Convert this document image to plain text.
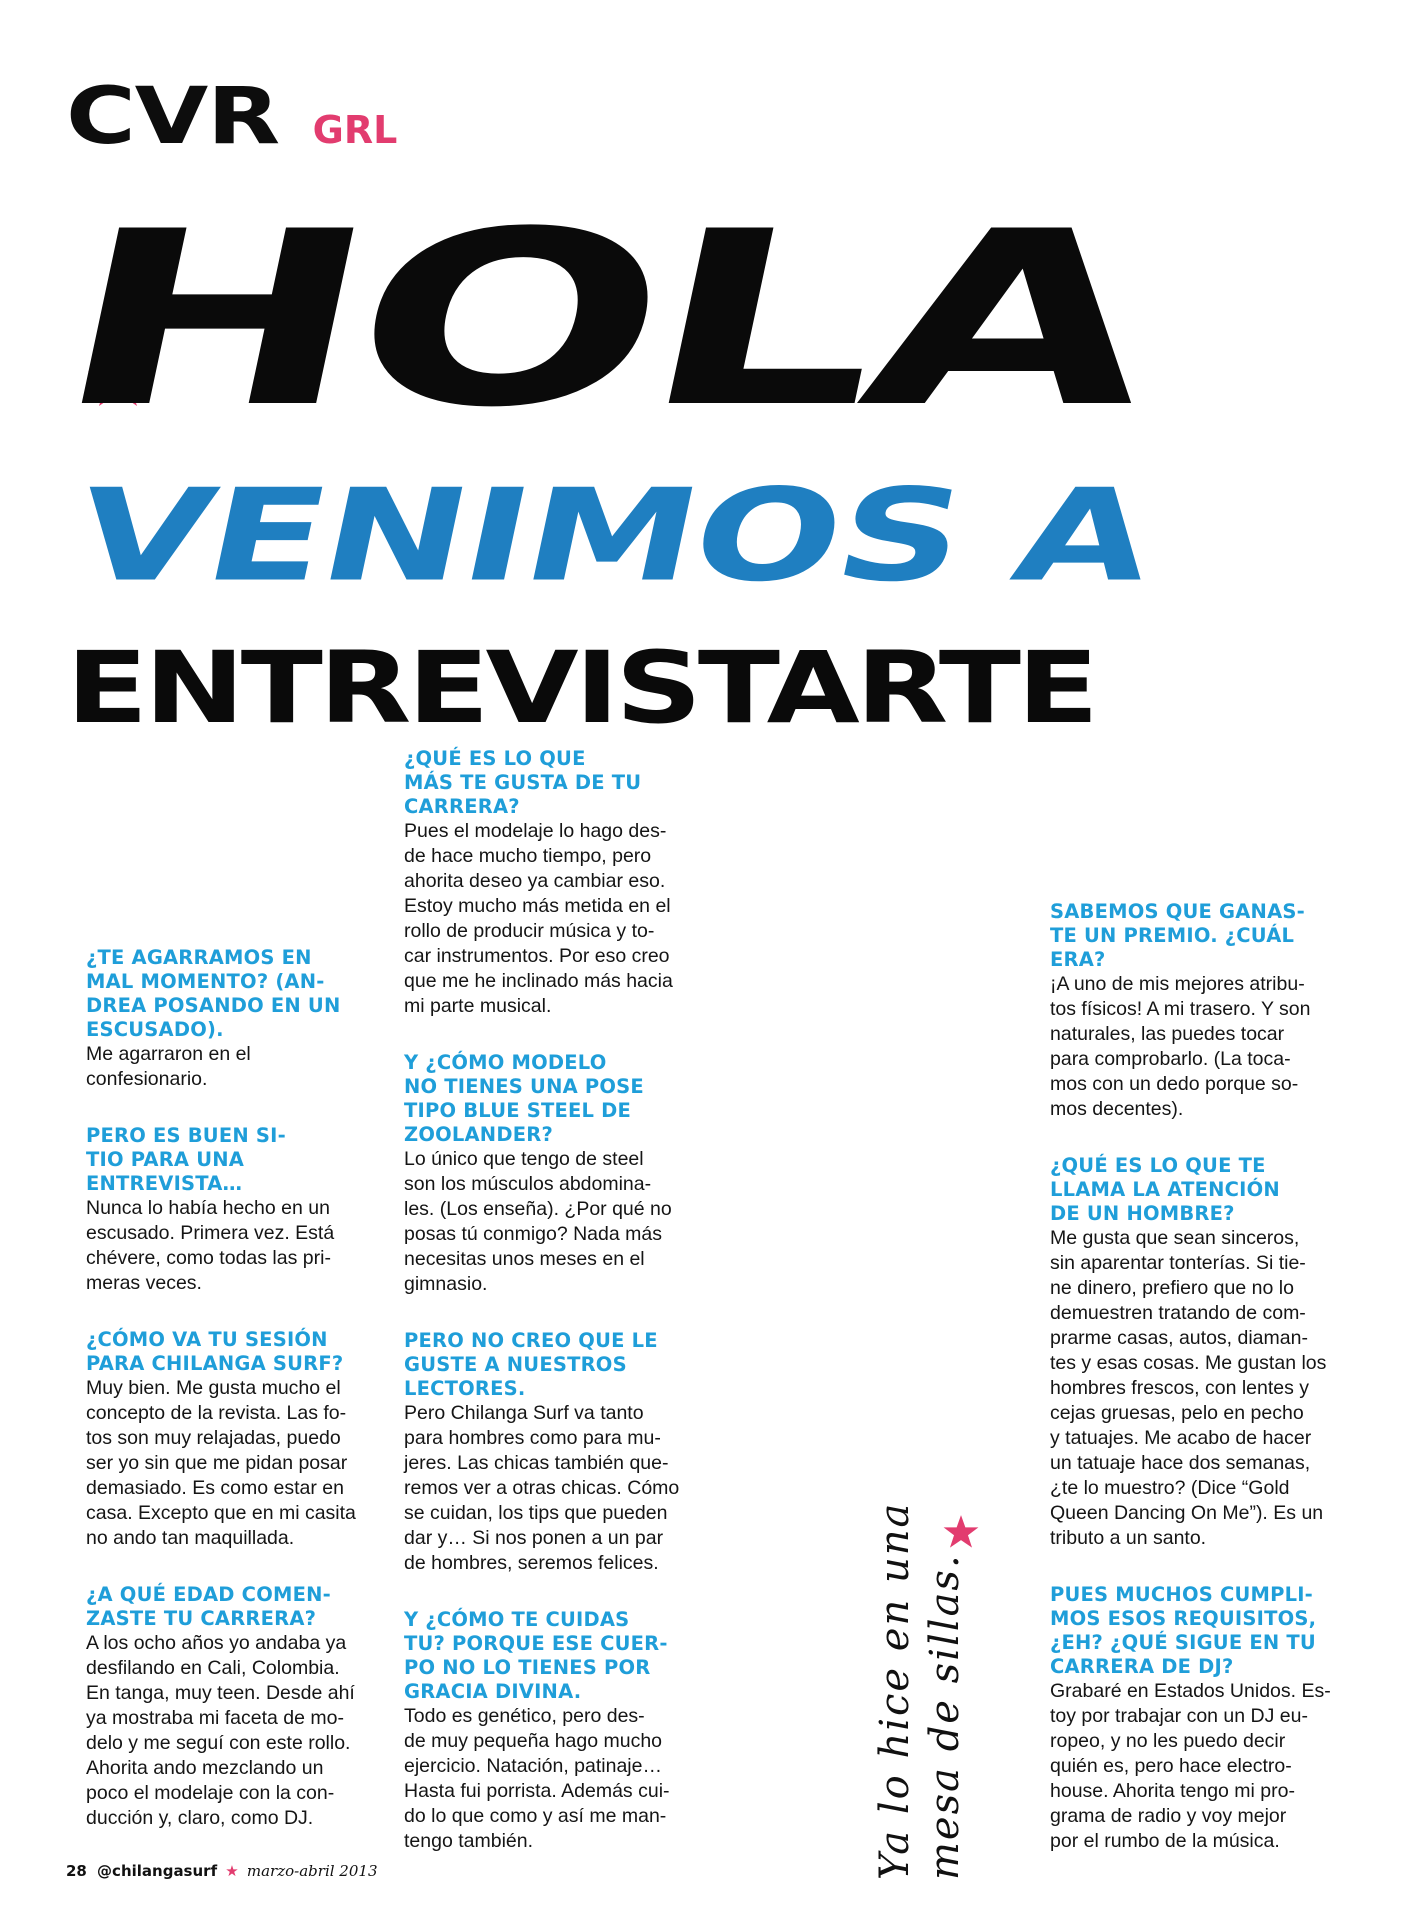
CVR GRL
HOLA
VENIMOS A
ENTREVISTARTE

¿TE AGARRAMOS EN
MAL MOMENTO? (AN-
DREA POSANDO EN UN
ESCUSADO).

Me agarraron en el
confesionario.

PERO ES BUEN SI-
TIO PARA UNA
ENTREVISTA…

Nunca lo había hecho en un
escusado. Primera vez. Está
chévere, como todas las pri-
meras veces.

¿CÓMO VA TU SESIÓN
PARA CHILANGA SURF?

Muy bien. Me gusta mucho el
concepto de la revista. Las fo-
tos son muy relajadas, puedo
ser yo sin que me pidan posar
demasiado. Es como estar en
casa. Excepto que en mi casita
no ando tan maquillada.

¿A QUÉ EDAD COMEN-
ZASTE TU CARRERA?

A los ocho años yo andaba ya
desfilando en Cali, Colombia.
En tanga, muy teen. Desde ahí
ya mostraba mi faceta de mo-
delo y me seguí con este rollo.
Ahorita ando mezclando un
poco el modelaje con la con-
ducción y, claro, como DJ.

¿QUÉ ES LO QUE
MÁS TE GUSTA DE TU
CARRERA?

Pues el modelaje lo hago des-
de hace mucho tiempo, pero
ahorita deseo ya cambiar eso.
Estoy mucho más metida en el
rollo de producir música y to-
car instrumentos. Por eso creo
que me he inclinado más hacia
mi parte musical.

Y ¿CÓMO MODELO
NO TIENES UNA POSE
TIPO BLUE STEEL DE
ZOOLANDER?

Lo único que tengo de steel
son los músculos abdomina-
les. (Los enseña). ¿Por qué no
posas tú conmigo? Nada más
necesitas unos meses en el
gimnasio.

PERO NO CREO QUE LE
GUSTE A NUESTROS
LECTORES.

Pero Chilanga Surf va tanto
para hombres como para mu-
jeres. Las chicas también que-
remos ver a otras chicas. Cómo
se cuidan, los tips que pueden
dar y… Si nos ponen a un par
de hombres, seremos felices.

Y ¿CÓMO TE CUIDAS
TU? PORQUE ESE CUER-
PO NO LO TIENES POR
GRACIA DIVINA.

Todo es genético, pero des-
de muy pequeña hago mucho
ejercicio. Natación, patinaje…
Hasta fui porrista. Además cui-
do lo que como y así me man-
tengo también.	Ya lo hice en una
mesa de sillas.

SABEMOS QUE GANAS-
TE UN PREMIO. ¿CUÁL
ERA?

¡A uno de mis mejores atribu-
tos físicos! A mi trasero. Y son
naturales, las puedes tocar
para comprobarlo. (La toca-
mos con un dedo porque so-
mos decentes).

¿QUÉ ES LO QUE TE
LLAMA LA ATENCIÓN
DE UN HOMBRE?

Me gusta que sean sinceros,
sin aparentar tonterías. Si tie-
ne dinero, prefiero que no lo
demuestren tratando de com-
prarme casas, autos, diaman-
tes y esas cosas. Me gustan los
hombres frescos, con lentes y
cejas gruesas, pelo en pecho
y tatuajes. Me acabo de hacer
un tatuaje hace dos semanas,
¿te lo muestro? (Dice “Gold
Queen Dancing On Me”). Es un
tributo a un santo.

PUES MUCHOS CUMPLI-
MOS ESOS REQUISITOS,
¿EH? ¿QUÉ SIGUE EN TU
CARRERA DE DJ?

Grabaré en Estados Unidos. Es-
toy por trabajar con un DJ eu-
ropeo, y no les puedo decir
quién es, pero hace electro-
house. Ahorita tengo mi pro-
grama de radio y voy mejor
por el rumbo de la música.

28 @chilangasurf ★ marzo-abril 2013
